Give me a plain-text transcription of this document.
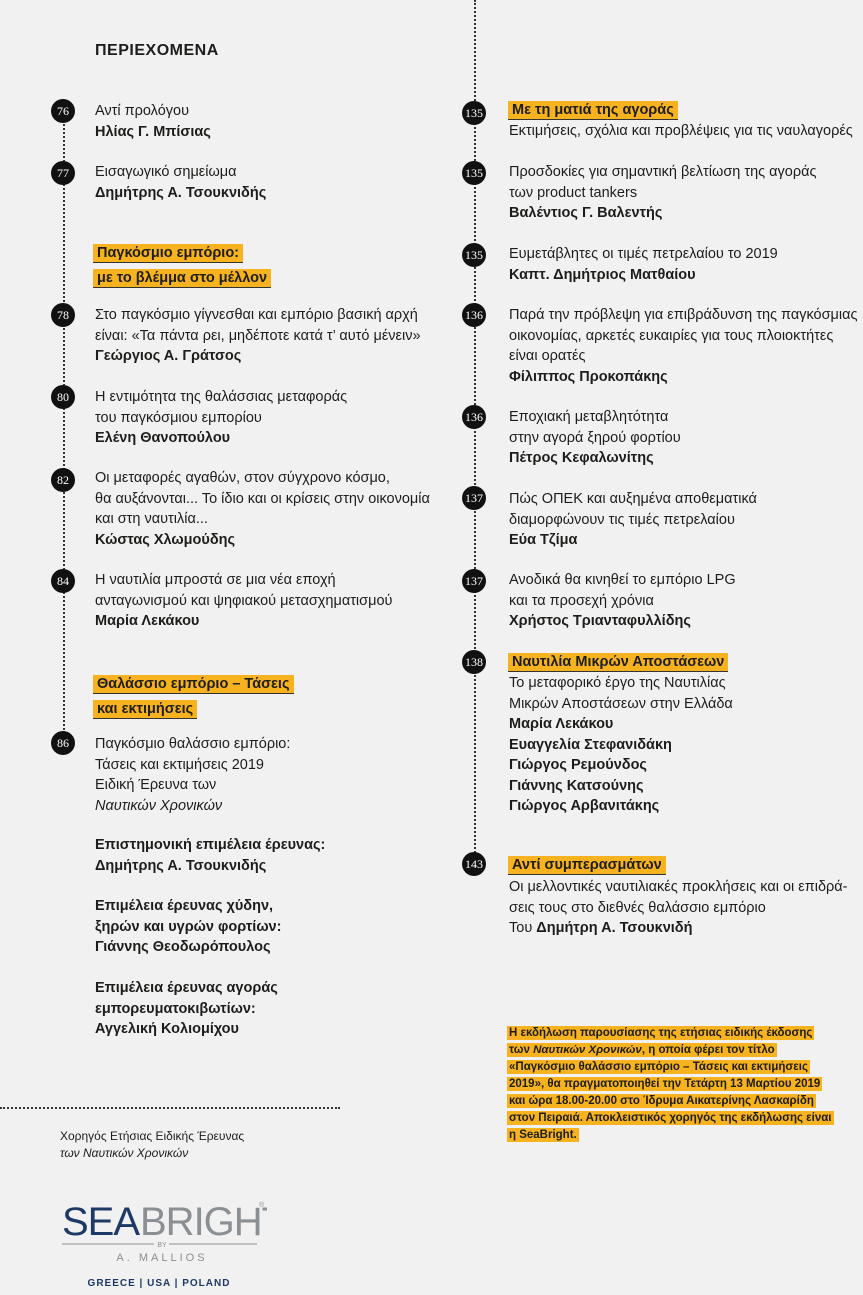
ΠΕΡΙΕΧΟΜΕΝΑ
76	Αντί προλόγου
Ηλίας Γ. Μπίσιας
77	Εισαγωγικό σημείωμα
Δημήτρης Α. Τσουκνιδής
Παγκόσμιο εμπόριο:
με το βλέμμα στο μέλλον
78	Στο παγκόσμιο γίγνεσθαι και εμπόριο βασική αρχή
είναι: «Τα πάντα ρει, μηδέποτε κατά τ’ αυτό μένειν»
Γεώργιος Α. Γράτσος
80	Η εντιμότητα της θαλάσσιας μεταφοράς
του παγκόσμιου εμπορίου
Ελένη Θανοπούλου
82	Οι μεταφορές αγαθών, στον σύγχρονο κόσμο,
θα αυξάνονται... Το ίδιο και οι κρίσεις στην οικονομία
και στη ναυτιλία...
Κώστας Χλωμούδης
84	Η ναυτιλία μπροστά σε μια νέα εποχή
ανταγωνισμού και ψηφιακού μετασχηματισμού
Μαρία Λεκάκου
Θαλάσσιο εμπόριο – Τάσεις
και εκτιμήσεις
86	Παγκόσμιο θαλάσσιο εμπόριο:
Τάσεις και εκτιμήσεις 2019
Ειδική Έρευνα των
Ναυτικών Χρονικών
Επιστημονική επιμέλεια έρευνας:
Δημήτρης Α. Τσουκνιδής
Επιμέλεια έρευνας χύδην,
ξηρών και υγρών φορτίων:
Γιάννης Θεοδωρόπουλος
Επιμέλεια έρευνας αγοράς
εμπορευματοκιβωτίων:
Αγγελική Κολιομίχου
135 Με τη ματιά της αγοράς
Εκτιμήσεις, σχόλια και προβλέψεις για τις ναυλαγορές
135 Προσδοκίες για σημαντική βελτίωση της αγοράς
των product tankers
Βαλέντιος Γ. Βαλεντής
135 Ευμετάβλητες οι τιμές πετρελαίου το 2019
Καπτ. Δημήτριος Ματθαίου
136 Παρά την πρόβλεψη για επιβράδυνση της παγκόσμιας
οικονομίας, αρκετές ευκαιρίες για τους πλοιοκτήτες
είναι ορατές
Φίλιππος Προκοπάκης
136 Εποχιακή μεταβλητότητα
στην αγορά ξηρού φορτίου
Πέτρος Κεφαλωνίτης
137 Πώς ΟΠΕΚ και αυξημένα αποθεματικά
διαμορφώνουν τις τιμές πετρελαίου
Εύα Τζίμα
137 Ανοδικά θα κινηθεί το εμπόριο LPG
και τα προσεχή χρόνια
Χρήστος Τριανταφυλλίδης
138 Ναυτιλία Μικρών Αποστάσεων
Το μεταφορικό έργο της Ναυτιλίας
Μικρών Αποστάσεων στην Ελλάδα
Μαρία Λεκάκου
Ευαγγελία Στεφανιδάκη
Γιώργος Ρεμούνδος
Γιάννης Κατσούνης
Γιώργος Αρβανιτάκης
143 Αντί συμπερασμάτων
Οι μελλοντικές ναυτιλιακές προκλήσεις και οι επιδρά-
σεις τους στο διεθνές θαλάσσιο εμπόριο
Του Δημήτρη Α. Τσουκνιδή
Η εκδήλωση παρουσίασης της ετήσιας ειδικής έκδοσης
των Ναυτικών Χρονικών, η οποία φέρει τον τίτλο
«Παγκόσμιο θαλάσσιο εμπόριο – Τάσεις και εκτιμήσεις
2019», θα πραγματοποιηθεί την Τετάρτη 13 Μαρτίου 2019
και ώρα 18.00-20.00 στο Ίδρυμα Αικατερίνης Λασκαρίδη
στον Πειραιά. Αποκλειστικός χορηγός της εκδήλωσης είναι
η SeaBright.
Χορηγός Ετήσιας Ειδικής Έρευνας
των Ναυτικών Χρονικών
SEA BRIGH
®
BY
A. MALLIOS
GREECE | USA | POLAND
